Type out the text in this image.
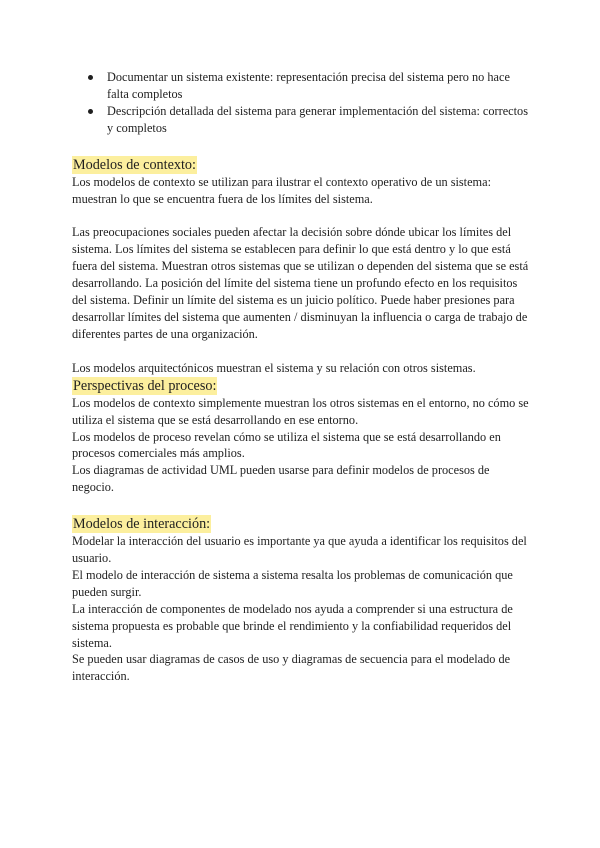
Documentar un sistema existente: representación precisa del sistema pero no hace falta completos
Descripción detallada del sistema para generar implementación del sistema: correctos y completos
Modelos de contexto:

Los modelos de contexto se utilizan para ilustrar el contexto operativo de un sistema: muestran lo que se encuentra fuera de los límites del sistema.

Las preocupaciones sociales pueden afectar la decisión sobre dónde ubicar los límites del sistema. Los límites del sistema se establecen para definir lo que está dentro y lo que está fuera del sistema. Muestran otros sistemas que se utilizan o dependen del sistema que se está desarrollando. La posición del límite del sistema tiene un profundo efecto en los requisitos del sistema. Definir un límite del sistema es un juicio político. Puede haber presiones para desarrollar límites del sistema que aumenten / disminuyan la influencia o carga de trabajo de diferentes partes de una organización.

Los modelos arquitectónicos muestran el sistema y su relación con otros sistemas.

Perspectivas del proceso:

Los modelos de contexto simplemente muestran los otros sistemas en el entorno, no cómo se utiliza el sistema que se está desarrollando en ese entorno.

Los modelos de proceso revelan cómo se utiliza el sistema que se está desarrollando en procesos comerciales más amplios.

Los diagramas de actividad UML pueden usarse para definir modelos de procesos de negocio.

Modelos de interacción:

Modelar la interacción del usuario es importante ya que ayuda a identificar los requisitos del usuario.

El modelo de interacción de sistema a sistema resalta los problemas de comunicación que pueden surgir.

La interacción de componentes de modelado nos ayuda a comprender si una estructura de sistema propuesta es probable que brinde el rendimiento y la confiabilidad requeridos del sistema.

Se pueden usar diagramas de casos de uso y diagramas de secuencia para el modelado de interacción.
